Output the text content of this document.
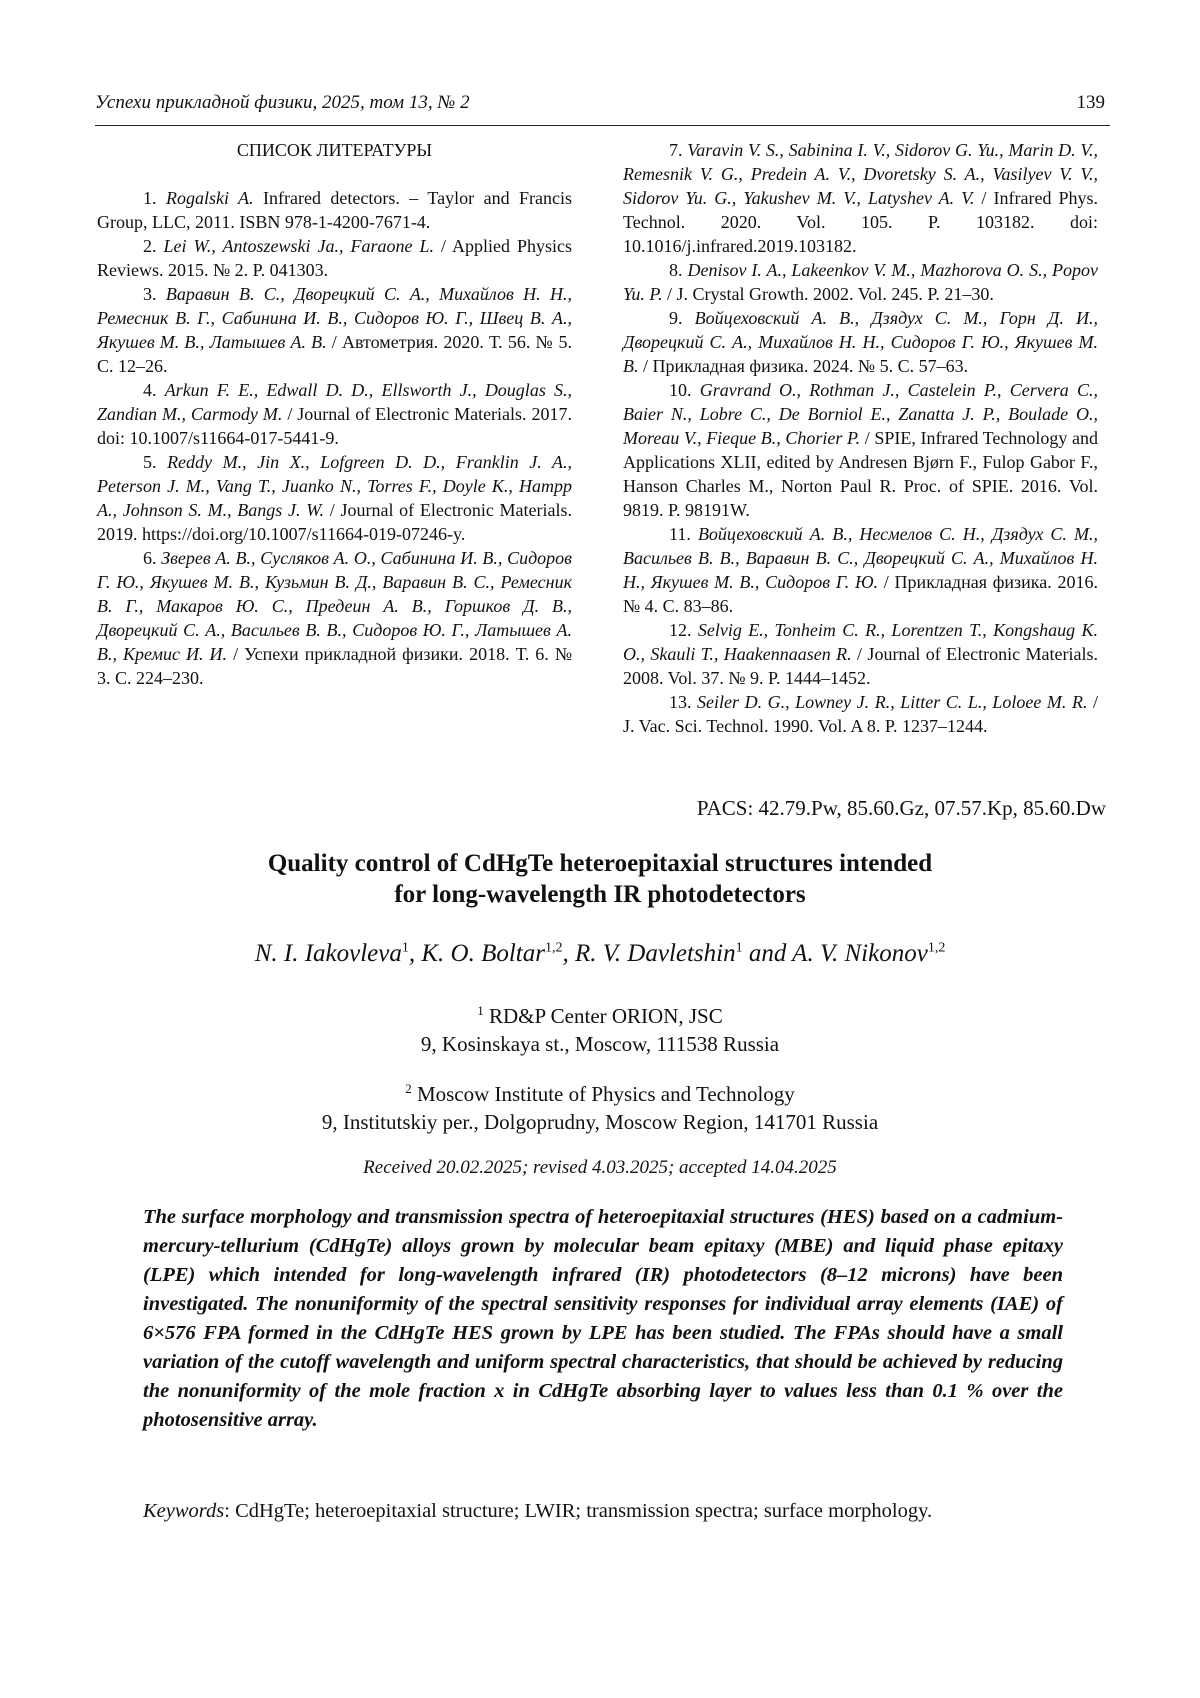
Успехи прикладной физики, 2025, том 13, № 2	139
СПИСОК ЛИТЕРАТУРЫ

1. Rogalski A. Infrared detectors. – Taylor and Francis Group, LLC, 2011. ISBN 978-1-4200-7671-4.

2. Lei W., Antoszewski Ja., Faraone L. / Applied Physics Reviews. 2015. № 2. P. 041303.

3. Варавин В. С., Дворецкий С. А., Михайлов Н. Н., Ремесник В. Г., Сабинина И. В., Сидоров Ю. Г., Швец В. А., Якушев М. В., Латышев А. В. / Автометрия. 2020. Т. 56. № 5. С. 12–26.

4. Arkun F. E., Edwall D. D., Ellsworth J., Douglas S., Zandian M., Carmody M. / Journal of Electronic Materials. 2017. doi: 10.1007/s11664-017-5441-9.

5. Reddy M., Jin X., Lofgreen D. D., Franklin J. A., Peterson J. M., Vang T., Juanko N., Torres F., Doyle K., Hampp A., Johnson S. M., Bangs J. W. / Journal of Electronic Materials. 2019. https://doi.org/10.1007/s11664-019-07246-y.

6. Зверев А. В., Сусляков А. О., Сабинина И. В., Сидоров Г. Ю., Якушев М. В., Кузьмин В. Д., Варавин В. С., Ремесник В. Г., Макаров Ю. С., Предеин А. В., Горшков Д. В., Дворецкий С. А., Васильев В. В., Сидоров Ю. Г., Латышев А. В., Кремис И. И. / Успехи прикладной физики. 2018. Т. 6. № 3. С. 224–230.

7. Varavin V. S., Sabinina I. V., Sidorov G. Yu., Marin D. V., Remesnik V. G., Predein A. V., Dvoretsky S. A., Vasilyev V. V., Sidorov Yu. G., Yakushev M. V., Latyshev A. V. / Infrared Phys. Technol. 2020. Vol. 105. P. 103182. doi: 10.1016/j.infrared.2019.103182.

8. Denisov I. A., Lakeenkov V. M., Mazhorova O. S., Popov Yu. P. / J. Crystal Growth. 2002. Vol. 245. P. 21–30.

9. Войцеховский А. В., Дзядух С. М., Горн Д. И., Дворецкий С. А., Михайлов Н. Н., Сидоров Г. Ю., Якушев М. В. / Прикладная физика. 2024. № 5. С. 57–63.

10. Gravrand O., Rothman J., Castelein P., Cervera C., Baier N., Lobre C., De Borniol E., Zanatta J. P., Boulade O., Moreau V., Fieque B., Chorier P. / SPIE, Infrared Technology and Applications XLII, edited by Andresen Bjørn F., Fulop Gabor F., Hanson Charles M., Norton Paul R. Proc. of SPIE. 2016. Vol. 9819. P. 98191W.

11. Войцеховский А. В., Несмелов С. Н., Дзядух С. М., Васильев В. В., Варавин В. С., Дворецкий С. А., Михайлов Н. Н., Якушев М. В., Сидоров Г. Ю. / Прикладная физика. 2016. № 4. С. 83–86.

12. Selvig E., Tonheim C. R., Lorentzen T., Kongshaug K. O., Skauli T., Haakennaasen R. / Journal of Electronic Materials. 2008. Vol. 37. № 9. P. 1444–1452.

13. Seiler D. G., Lowney J. R., Litter C. L., Loloee M. R. / J. Vac. Sci. Technol. 1990. Vol. A 8. P. 1237–1244.

PACS: 42.79.Pw, 85.60.Gz, 07.57.Kp, 85.60.Dw
Quality control of CdHgTe heteroepitaxial structures intended
for long-wavelength IR photodetectors
N. I. Iakovleva$^1$, K. O. Boltar$^{1,2}$, R. V. Davletshin$^1$ and A. V. Nikonov$^{1,2}$
$^1$ RD&P Center ORION, JSC
9, Kosinskaya st., Moscow, 111538 Russia
$^2$ Moscow Institute of Physics and Technology
9, Institutskiy per., Dolgoprudny, Moscow Region, 141701 Russia
Received 20.02.2025; revised 4.03.2025; accepted 14.04.2025
The surface morphology and transmission spectra of heteroepitaxial structures (HES) based on a cadmium-mercury-tellurium (CdHgTe) alloys grown by molecular beam epitaxy (MBE) and liquid phase epitaxy (LPE) which intended for long-wavelength infrared (IR) photodetectors (8–12 microns) have been investigated. The nonuniformity of the spectral sensitivity responses for individual array elements (IAE) of 6×576 FPA formed in the CdHgTe HES grown by LPE has been studied. The FPAs should have a small variation of the cutoff wavelength and uniform spectral characteristics, that should be achieved by reducing the nonuniformity of the mole fraction x in CdHgTe absorbing layer to values less than 0.1 % over the photosensitive array.
Keywords: CdHgTe; heteroepitaxial structure; LWIR; transmission spectra; surface morphology.
